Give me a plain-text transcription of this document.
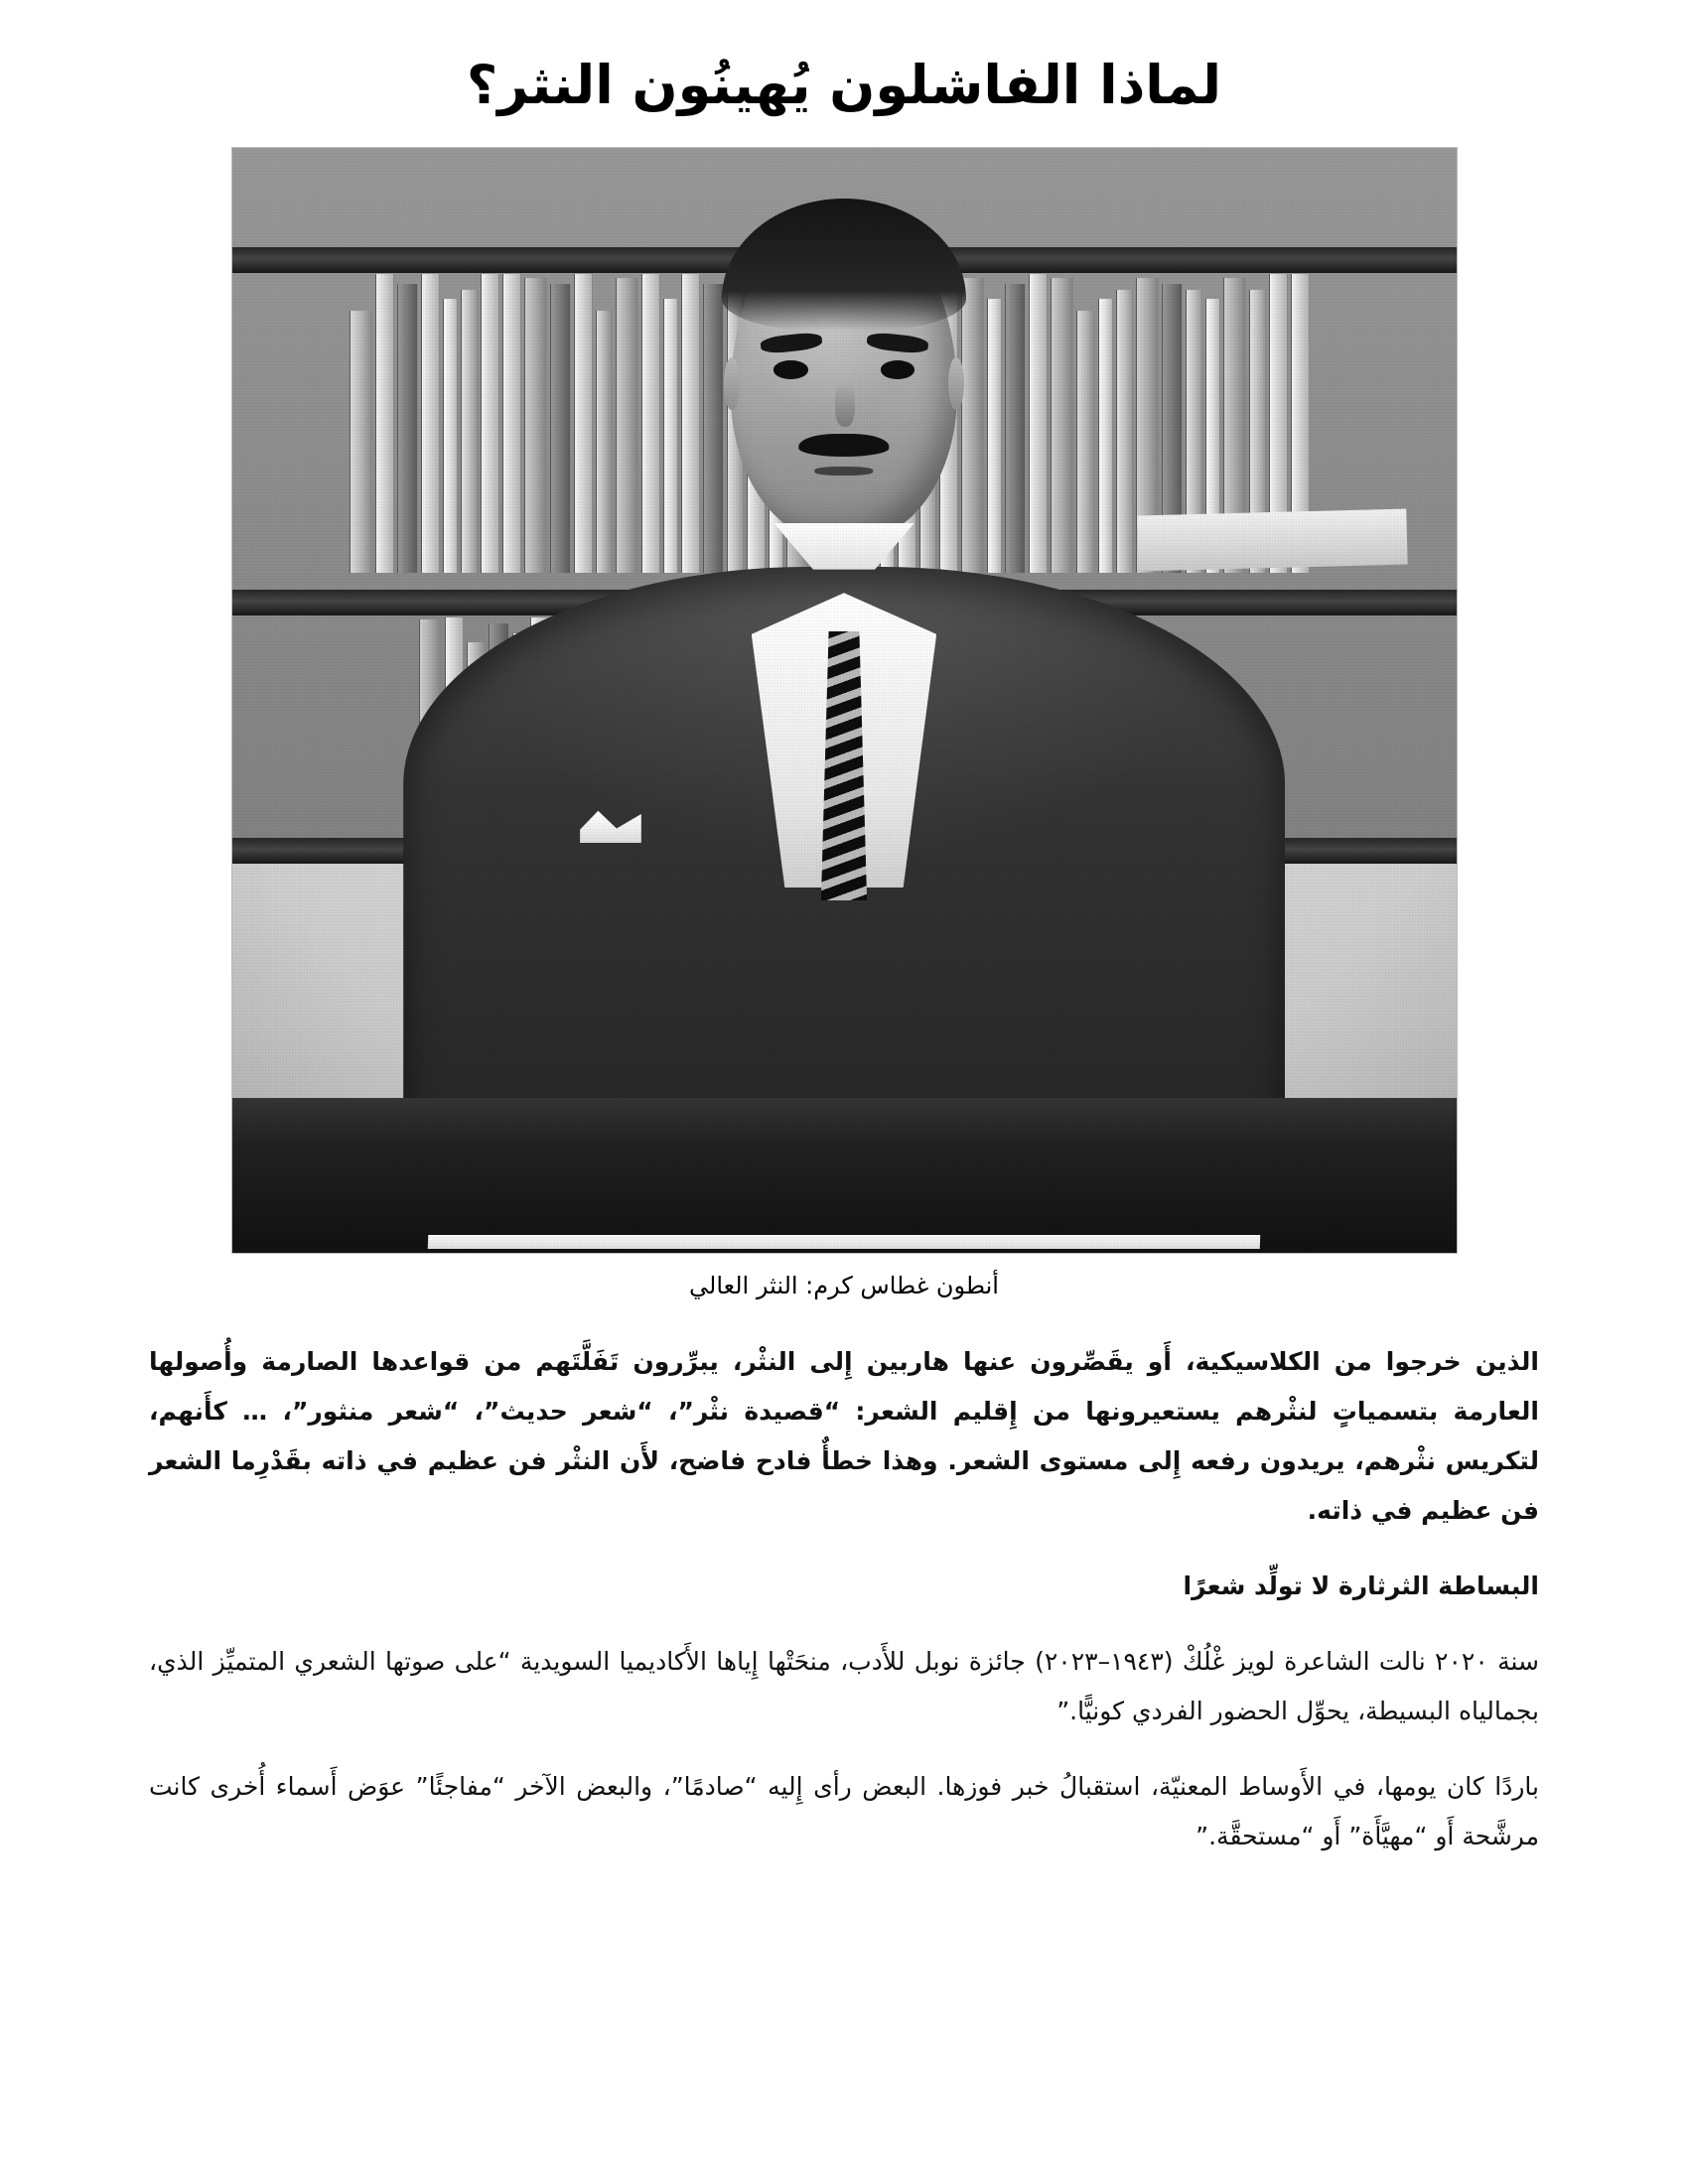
لماذا الفاشلون يُهينُون النثر؟
أنطون غطاس كرم: النثر العالي

الذين خرجوا من الكلاسيكية، أَو يقَصِّرون عنها هاربين إِلى النثْر، يبرِّرون تَفَلَّتَهم من قواعدها الصارمة وأُصولها العارمة بتسمياتٍ لنثْرهم يستعيرونها من إِقليم الشعر: “قصيدة نثْر”، “شعر حديث”، “شعر منثور”، … كأَنهم، لتكريس نثْرهم، يريدون رفعه إِلى مستوى الشعر. وهذا خطأٌ فادح فاضح، لأَن النثْر فن عظيم في ذاته بقَدْرِما الشعر فن عظيم في ذاته.

البساطة الثرثارة لا تولِّد شعرًا

سنة ٢٠٢٠ نالت الشاعرة لويز غْلُكْ (١٩٤٣–٢٠٢٣) جائزة نوبل للأَدب، منحَتْها إِياها الأَكاديميا السويدية “على صوتها الشعري المتميِّز الذي، بجمالياه البسيطة، يحوِّل الحضور الفردي كونيًّا.”

باردًا كان يومها، في الأَوساط المعنيّة، استقبالُ خبر فوزها. البعض رأى إِليه “صادمًا”، والبعض الآخر “مفاجئًا” عوَض أَسماء أُخرى كانت مرشَّحة أَو “مهيَّأَة” أَو “مستحقَّة.”
